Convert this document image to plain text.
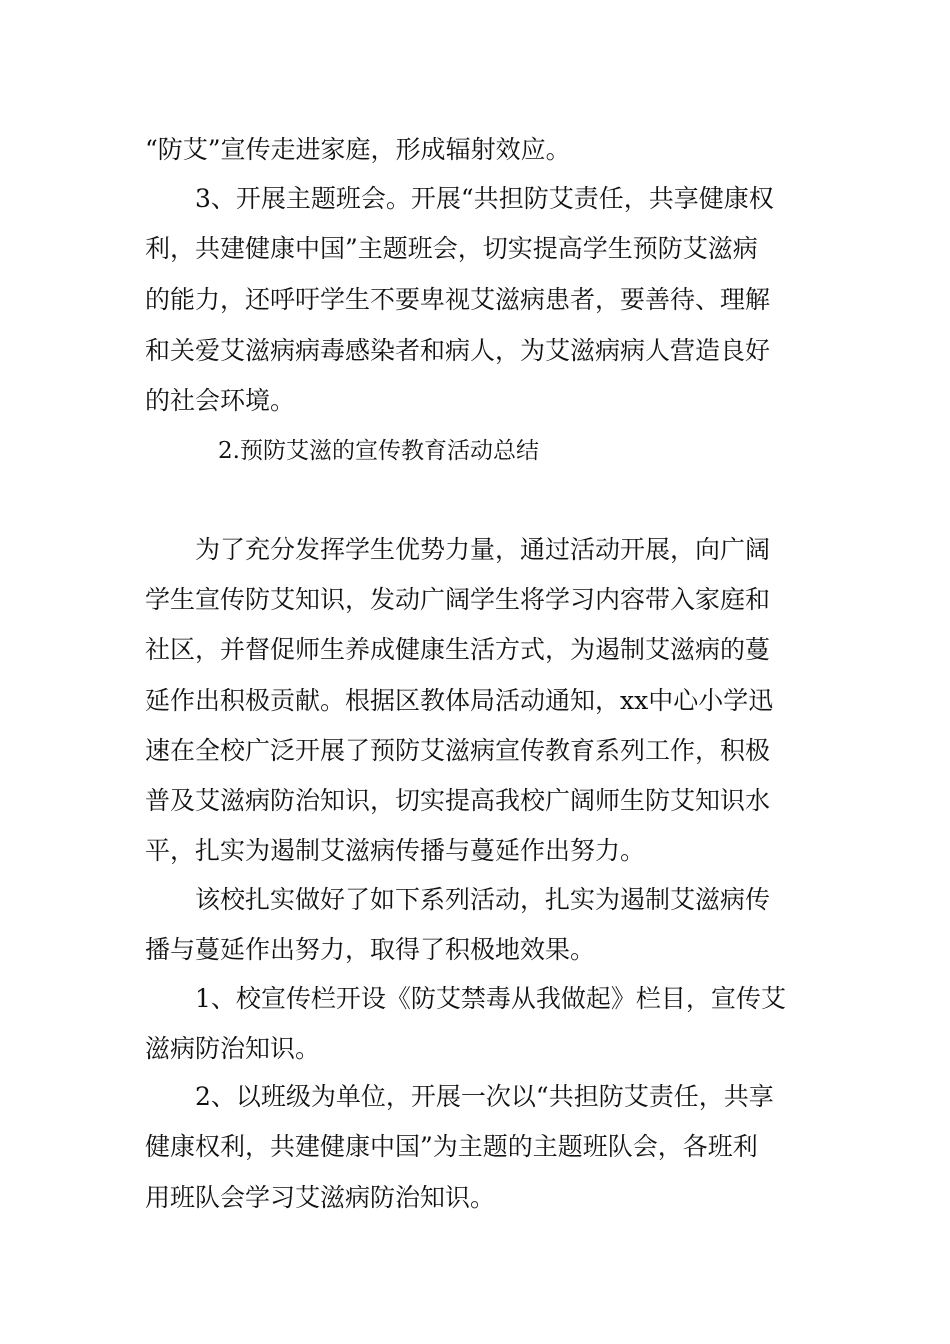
“防艾”宣传走进家庭，形成辐射效应。
3、开展主题班会。开展“共担防艾责任，共享健康权
利，共建健康中国”主题班会，切实提高学生预防艾滋病
的能力，还呼吁学生不要卑视艾滋病患者，要善待、理解
和关爱艾滋病病毒感染者和病人，为艾滋病病人营造良好
的社会环境。
2.预防艾滋的宣传教育活动总结
为了充分发挥学生优势力量，通过活动开展，向广阔
学生宣传防艾知识，发动广阔学生将学习内容带入家庭和
社区，并督促师生养成健康生活方式，为遏制艾滋病的蔓
延作出积极贡献。根据区教体局活动通知，xx中心小学迅
速在全校广泛开展了预防艾滋病宣传教育系列工作，积极
普及艾滋病防治知识，切实提高我校广阔师生防艾知识水
平，扎实为遏制艾滋病传播与蔓延作出努力。
该校扎实做好了如下系列活动，扎实为遏制艾滋病传
播与蔓延作出努力，取得了积极地效果。
1、校宣传栏开设《防艾禁毒从我做起》栏目，宣传艾
滋病防治知识。
2、以班级为单位，开展一次以“共担防艾责任，共享
健康权利，共建健康中国”为主题的主题班队会，各班利
用班队会学习艾滋病防治知识。
